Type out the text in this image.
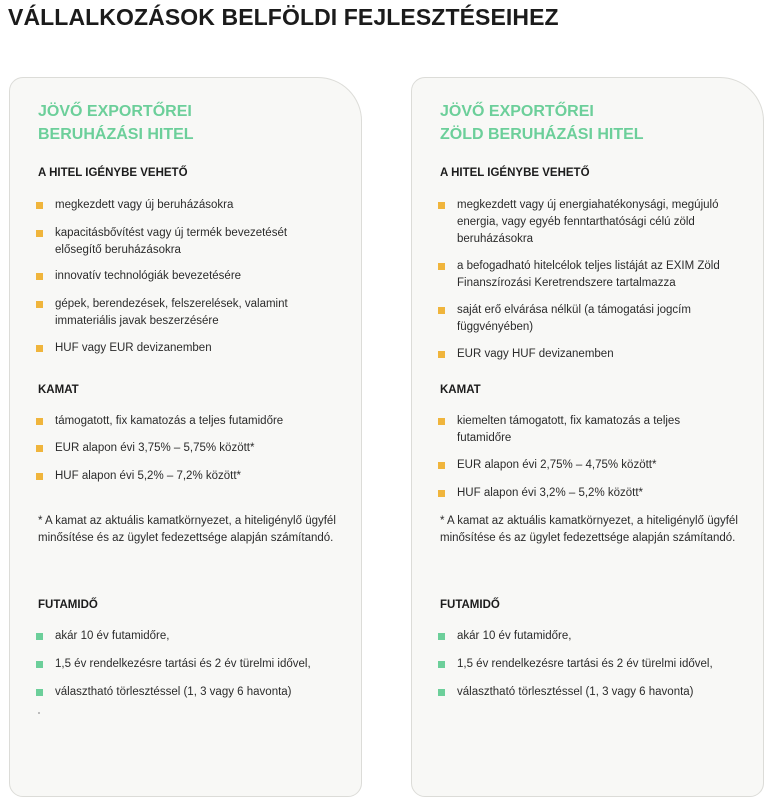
VÁLLALKOZÁSOK BELFÖLDI FEJLESZTÉSEIHEZ
JÖVŐ EXPORTŐREI
BERUHÁZÁSI HITEL
A HITEL IGÉNYBE VEHETŐ
megkezdett vagy új beruházásokra
kapacitásbővítést vagy új termék bevezetését elősegítő beruházásokra
innovatív technológiák bevezetésére
gépek, berendezések, felszerelések, valamint immateriális javak beszerzésére
HUF vagy EUR devizanemben
KAMAT
támogatott, fix kamatozás a teljes futamidőre
EUR alapon évi 3,75% – 5,75% között*
HUF alapon évi 5,2% – 7,2% között*

* A kamat az aktuális kamatkörnyezet, a hiteligénylő ügyfél minősítése és az ügylet fedezettsége alapján számítandó.

FUTAMIDŐ
akár 10 év futamidőre,
1,5 év rendelkezésre tartási és 2 év türelmi idővel,
választható törlesztéssel (1, 3 vagy 6 havonta)
JÖVŐ EXPORTŐREI
ZÖLD BERUHÁZÁSI HITEL
A HITEL IGÉNYBE VEHETŐ
megkezdett vagy új energiahatékonysági, megújuló energia, vagy egyéb fenntarthatósági célú zöld beruházásokra
a befogadható hitelcélok teljes listáját az EXIM Zöld Finanszírozási Keretrendszere tartalmazza
saját erő elvárása nélkül (a támogatási jogcím függvényében)
EUR vagy HUF devizanemben
KAMAT
kiemelten támogatott, fix kamatozás a teljes futamidőre
EUR alapon évi 2,75% – 4,75% között*
HUF alapon évi 3,2% – 5,2% között*

* A kamat az aktuális kamatkörnyezet, a hiteligénylő ügyfél minősítése és az ügylet fedezettsége alapján számítandó.

FUTAMIDŐ
akár 10 év futamidőre,
1,5 év rendelkezésre tartási és 2 év türelmi idővel,
választható törlesztéssel (1, 3 vagy 6 havonta)
